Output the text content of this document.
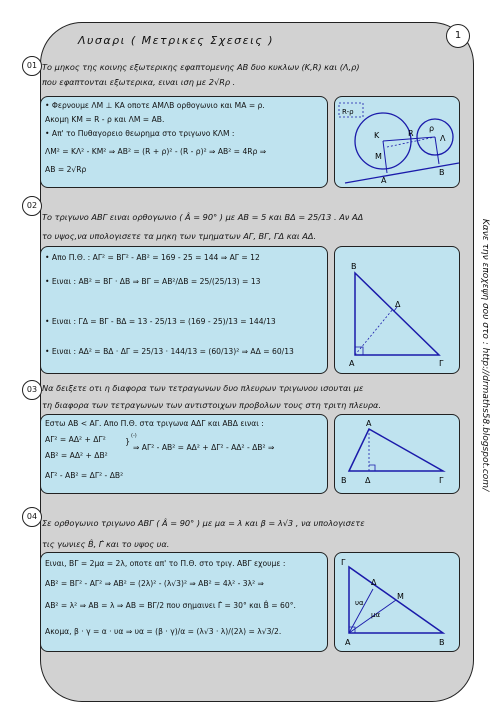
Λυσαρι ( Μετρικες Σχεσεις )	1
Κανε την εποχεψη σου στο : http://drmaths58.blogspot.com/
01 Το μηκος της κοινης εξωτερικης εφαπτομενης ΑΒ δυο κυκλων (Κ,R) και (Λ,ρ)
που εφαπτονται εξωτερικα, ειναι ιση με 2√Rρ .
• Φερνουμε ΛΜ ⊥ ΚΑ οποτε ΑΜΛΒ ορθογωνιο και ΜΑ = ρ.
Ακομη ΚΜ = R - ρ και ΛΜ = ΑΒ.
• Απ' το Πυθαγορειο θεωρημα στο τριγωνο ΚΛΜ :
ΛΜ² = ΚΛ² - ΚΜ² ⇒ ΑΒ² = (R + ρ)² - (R - ρ)² ⇒ ΑΒ² = 4Rρ ⇒
ΑΒ = 2√Rρ
R-ρ
K	R
ρ
Λ
M
A
B
02
Το τριγωνο ΑΒΓ ειναι ορθογωνιο ( Â = 90° ) με ΑΒ = 5 και ΒΔ = 25/13 . Αν ΑΔ
το υψος,να υπολογισετε τα μηκη των τμηματων ΑΓ, ΒΓ, ΓΔ και ΑΔ.
• Απο Π.Θ. : ΑΓ² = ΒΓ² - ΑΒ² = 169 - 25 = 144 ⇒ ΑΓ = 12
• Ειναι : ΑΒ² = ΒΓ · ΔΒ ⇒ ΒΓ = ΑΒ²/ΔΒ = 25/(25/13) = 13
• Ειναι : ΓΔ = ΒΓ - ΒΔ = 13 - 25/13 = (169 - 25)/13 = 144/13
• Ειναι : ΑΔ² = ΒΔ · ΔΓ = 25/13 · 144/13 = (60/13)² ⇒ ΑΔ = 60/13
B
Δ
A	Γ
03 Να δειξετε οτι η διαφορα των τετραγωνων δυο πλευρων τριγωνου ισουται με
τη διαφορα των τετραγωνων των αντιστοιχων προβολων τους στη τριτη πλευρα.
Εστω ΑΒ < ΑΓ. Απο Π.Θ. στα τριγωνα ΑΔΓ και ΑΒΔ ειναι :
ΑΓ² = ΑΔ² + ΔΓ²
ΑΒ² = ΑΔ² + ΔΒ²
}
(-)
⇒ ΑΓ² - ΑΒ² = ΑΔ² + ΔΓ² - ΑΔ² - ΔΒ² ⇒
ΑΓ² - ΑΒ² = ΔΓ² - ΔΒ²
A
B Δ	Γ
04
Σε ορθογωνιο τριγωνο ΑΒΓ ( Â = 90° ) με μα = λ και β = λ√3 , να υπολογισετε
τις γωνιες B̂, Γ̂ και το υψος υα.
Ειναι, ΒΓ = 2μα = 2λ, οποτε απ' το Π.Θ. στο τριγ. ΑΒΓ εχουμε :
ΑΒ² = ΒΓ² - ΑΓ² ⇒ ΑΒ² = (2λ)² - (λ√3)² ⇒ ΑΒ² = 4λ² - 3λ² ⇒
ΑΒ² = λ² ⇒ ΑΒ = λ ⇒ ΑΒ = ΒΓ/2 που σημαινει Γ̂ = 30° και B̂ = 60°.
Ακομα, β · γ = α · υα ⇒ υα = (β · γ)/α = (λ√3 · λ)/(2λ) = λ√3/2.
Γ
Δ
M
υα
μα
A	B
